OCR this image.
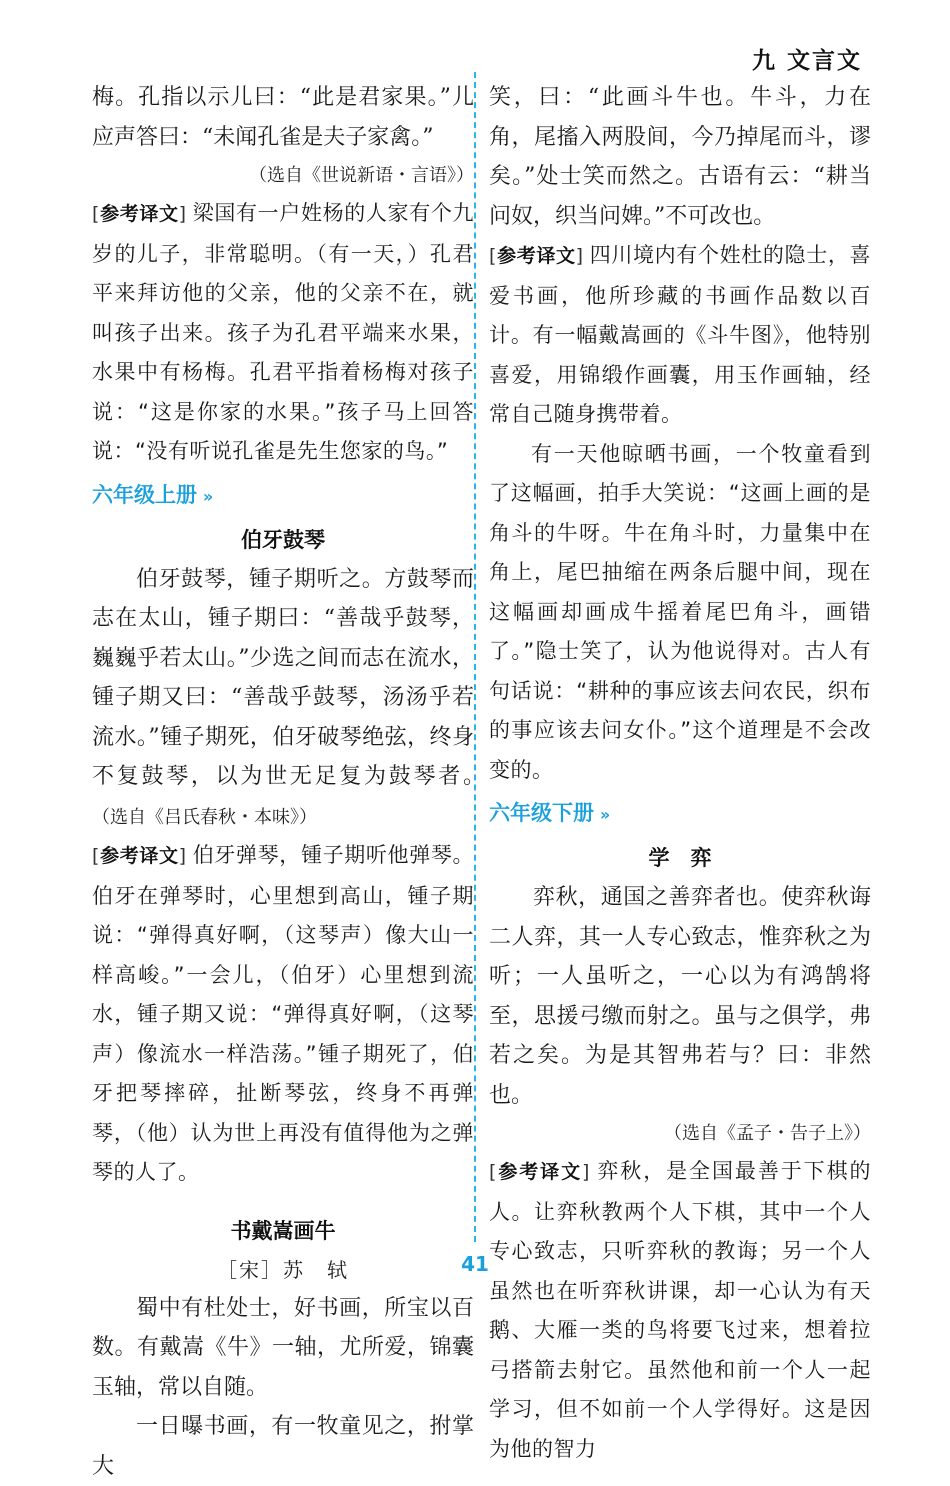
九 文言文

梅。孔指以示儿曰：“此是君家果。”儿应声答曰：“未闻孔雀是夫子家禽。”

（选自《世说新语・言语》）

[参考译文] 梁国有一户姓杨的人家有个九岁的儿子，非常聪明。（有一天，）孔君平来拜访他的父亲，他的父亲不在，就叫孩子出来。孩子为孔君平端来水果，水果中有杨梅。孔君平指着杨梅对孩子说：“这是你家的水果。”孩子马上回答说：“没有听说孔雀是先生您家的鸟。”

六年级上册 ››
伯牙鼓琴

伯牙鼓琴，锺子期听之。方鼓琴而志在太山，锺子期曰：“善哉乎鼓琴，巍巍乎若太山。”少选之间而志在流水，锺子期又曰：“善哉乎鼓琴，汤汤乎若流水。”锺子期死，伯牙破琴绝弦，终身不复鼓琴，以为世无足复为鼓琴者。　（选自《吕氏春秋・本味》）

[参考译文] 伯牙弹琴，锺子期听他弹琴。伯牙在弹琴时，心里想到高山，锺子期说：“弹得真好啊，（这琴声）像大山一样高峻。”一会儿，（伯牙）心里想到流水，锺子期又说：“弹得真好啊，（这琴声）像流水一样浩荡。”锺子期死了，伯牙把琴摔碎，扯断琴弦，终身不再弹琴，（他）认为世上再没有值得他为之弹琴的人了。

书戴嵩画牛
［宋］苏　轼

蜀中有杜处士，好书画，所宝以百数。有戴嵩《牛》一轴，尤所爱，锦囊玉轴，常以自随。

一日曝书画，有一牧童见之，拊掌大

笑，曰：“此画斗牛也。牛斗，力在角，尾搐入两股间，今乃掉尾而斗，谬矣。”处士笑而然之。古语有云：“耕当问奴，织当问婢。”不可改也。

[参考译文] 四川境内有个姓杜的隐士，喜爱书画，他所珍藏的书画作品数以百计。有一幅戴嵩画的《斗牛图》，他特别喜爱，用锦缎作画囊，用玉作画轴，经常自己随身携带着。

有一天他晾晒书画，一个牧童看到了这幅画，拍手大笑说：“这画上画的是角斗的牛呀。牛在角斗时，力量集中在角上，尾巴抽缩在两条后腿中间，现在这幅画却画成牛摇着尾巴角斗，画错了。”隐士笑了，认为他说得对。古人有句话说：“耕种的事应该去问农民，织布的事应该去问女仆。”这个道理是不会改变的。

六年级下册 ››
学　弈

弈秋，通国之善弈者也。使弈秋诲二人弈，其一人专心致志，惟弈秋之为听；一人虽听之，一心以为有鸿鹄将至，思援弓缴而射之。虽与之俱学，弗若之矣。为是其智弗若与？曰：非然也。

（选自《孟子・告子上》）

[参考译文] 弈秋，是全国最善于下棋的人。让弈秋教两个人下棋，其中一个人专心致志，只听弈秋的教诲；另一个人虽然也在听弈秋讲课，却一心认为有天鹅、大雁一类的鸟将要飞过来，想着拉弓搭箭去射它。虽然他和前一个人一起学习，但不如前一个人学得好。这是因为他的智力

41
